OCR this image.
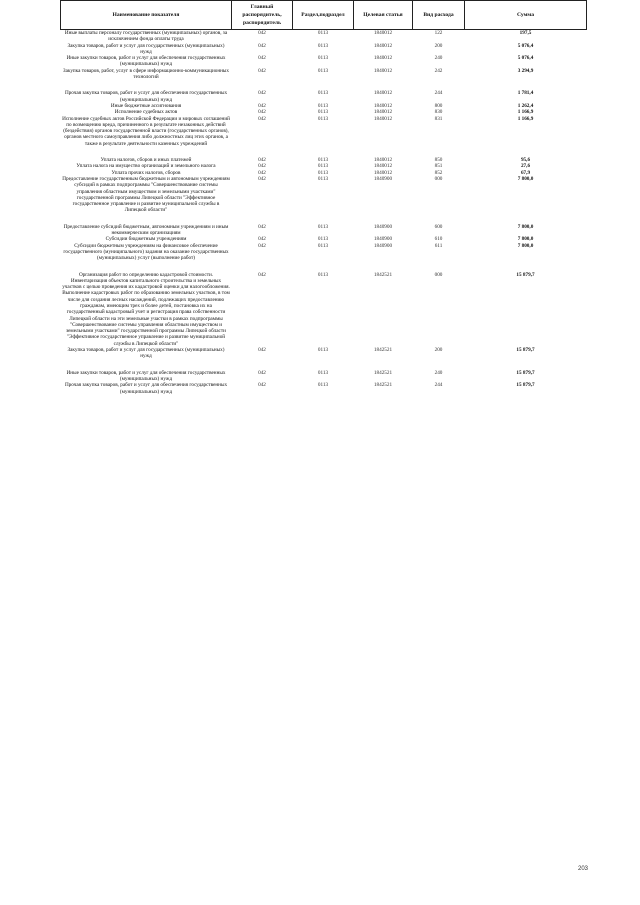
Наименование показателя	Главный распорядитель, распорядитель	Раздел,подраздел	Целевая статья	Вид расхода	Сумма
Иные выплаты персоналу государственных (муниципальных) органов, за исключением фонда оплаты труда	042	0113	1840012	122	197,5
Закупка товаров, работ и услуг для государственных (муниципальных) нужд	042	0113	1840012	200	5 076,4
Иные закупки товаров, работ и услуг для обеспечения государственных (муниципальных) нужд	042	0113	1840012	240	5 076,4
Закупка товаров, работ, услуг в сфере информационно-коммуникационных технологий	042	0113	1840012	242	3 294,9
Прочая закупка товаров, работ и услуг для обеспечения государственных (муниципальных) нужд	042	0113	1840012	244	1 781,4
Иные бюджетные ассигнования	042	0113	1840012	800	1 262,4
Исполнение судебных актов	042	0113	1840012	830	1 166,9
Исполнение судебных актов Российской Федерации и мировых соглашений по возмещению вреда, причиненного в результате незаконных действий (бездействия) органов государственной власти (государственных органов), органов местного самоуправления либо должностных лиц этих органов, а также в результате деятельности казенных учреждений	042	0113	1840012	831	1 166,9
Уплата налогов, сборов и иных платежей	042	0113	1840012	850	95,6
Уплата налога на имущество организаций и земельного налога	042	0113	1840012	851	27,6
Уплата прочих налогов, сборов	042	0113	1840012	852	67,9
Предоставление государственным бюджетным и автономным учреждениям субсидий в рамках подпрограммы "Совершенствование системы управления областным имуществом и земельными участками" государственной программы Липецкой области "Эффективное государственное управление и развитие муниципальной службы в Липецкой области"	042	0113	1840900	000	7 800,0
Предоставление субсидий бюджетным, автономным учреждениям и иным некоммерческим организациям	042	0113	1840900	600	7 800,0
Субсидии бюджетным учреждениям	042	0113	1840900	610	7 800,0
Субсидии бюджетным учреждениям на финансовое обеспечение государственного (муниципального) задания на оказание государственных (муниципальных) услуг (выполнение работ)	042	0113	1840900	611	7 800,0
Организация работ по определению кадастровой стоимости. Инвентаризация объектов капитального строительства и земельных участков с целью проведения их кадастровой оценки для налогообложения. Выполнение кадастровых работ по образованию земельных участков, в том числе для создания лесных насаждений, подлежащих предоставлению гражданам, имеющим трех и более детей, постановка их на государственный кадастровый учет и регистрация права собственности Липецкой области на эти земельные участки в рамках подпрограммы "Совершенствование системы управления областным имуществом и земельными участками" государственной программы Липецкой области "Эффективное государственное управление и развитие муниципальной службы в Липецкой области"	042	0113	1842521	000	15 879,7
Закупка товаров, работ и услуг для государственных (муниципальных) нужд	042	0113	1842521	200	15 879,7
Иные закупки товаров, работ и услуг для обеспечения государственных (муниципальных) нужд	042	0113	1842521	240	15 879,7
Прочая закупка товаров, работ и услуг для обеспечения государственных (муниципальных) нужд	042	0113	1842521	244	15 879,7
203
